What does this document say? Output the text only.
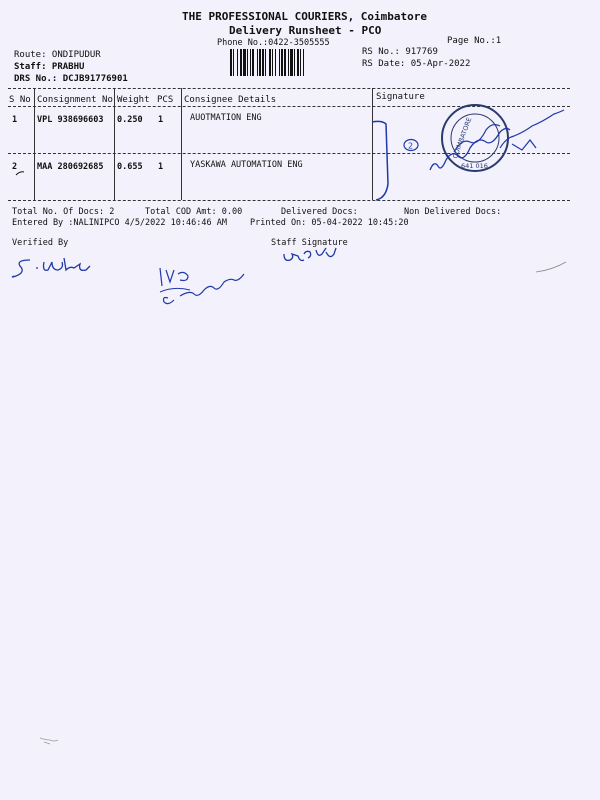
THE PROFESSIONAL COURIERS, Coimbatore
Delivery Runsheet - PCO
Phone No.:0422-3505555	Page No.:1
Route: ONDIPUDUR
Staff: PRABHU
DRS No.: DCJB91776901
RS No.: 917769
RS Date: 05-Apr-2022
S No Consignment No Weight PCS Consignee Details	Signature
1 VPL 938696603 0.250 1	AUOTMATION ENG
2 MAA 280692685 0.655 1	YASKAWA AUTOMATION ENG
Total No. Of Docs: 2	Total COD Amt: 0.00	Delivered Docs:	Non Delivered Docs:
Entered By :NALINIPCO 4/5/2022 10:46:46 AM	Printed On: 05-04-2022 10:45:20
Verified By	Staff Signature
2	COIMBATORE
641 016
